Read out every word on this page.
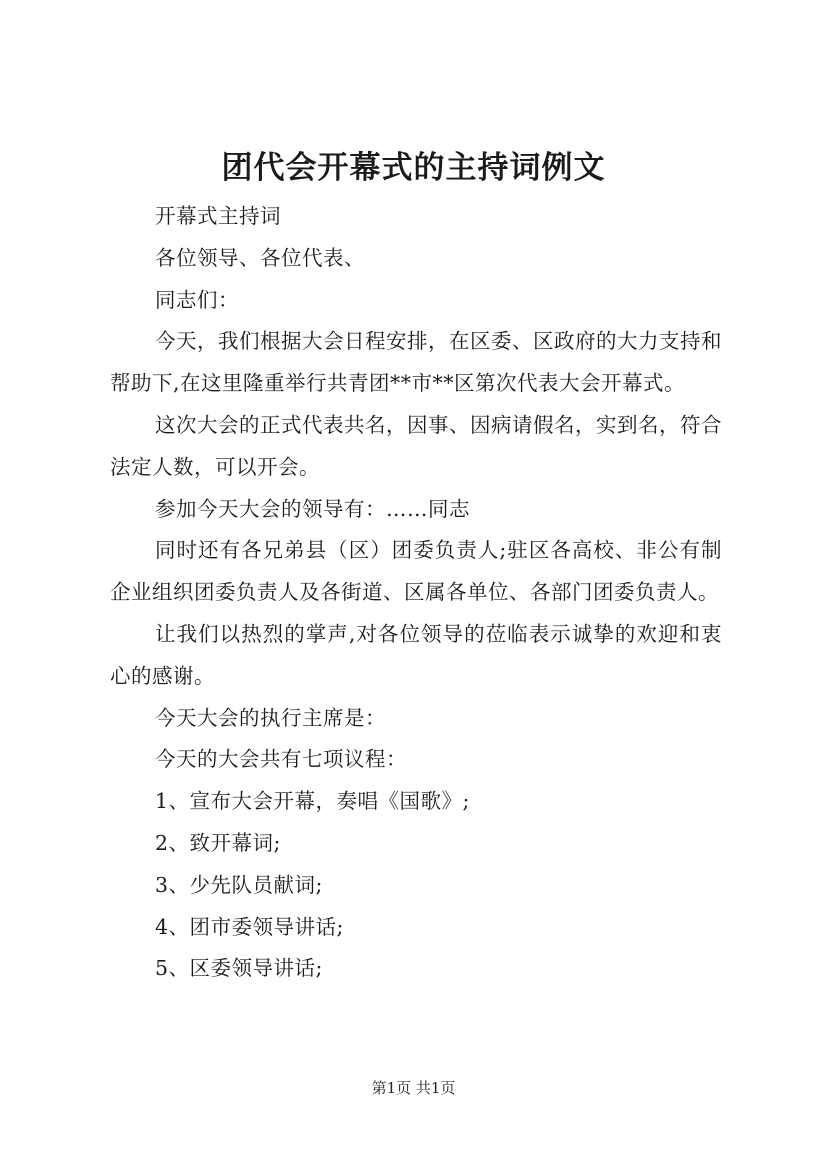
团代会开幕式的主持词例文

开幕式主持词

各位领导、各位代表、

同志们：

今天，我们根据大会日程安排，在区委、区政府的大力支持和帮助下,在这里隆重举行共青团**市**区第次代表大会开幕式。

这次大会的正式代表共名，因事、因病请假名，实到名，符合法定人数，可以开会。

参加今天大会的领导有：……同志

同时还有各兄弟县（区）团委负责人;驻区各高校、非公有制企业组织团委负责人及各街道、区属各单位、各部门团委负责人。

让我们以热烈的掌声,对各位领导的莅临表示诚挚的欢迎和衷心的感谢。

今天大会的执行主席是：

今天的大会共有七项议程：

1、宣布大会开幕，奏唱《国歌》;

2、致开幕词;

3、少先队员献词;

4、团市委领导讲话;

5、区委领导讲话;

第1页 共1页
